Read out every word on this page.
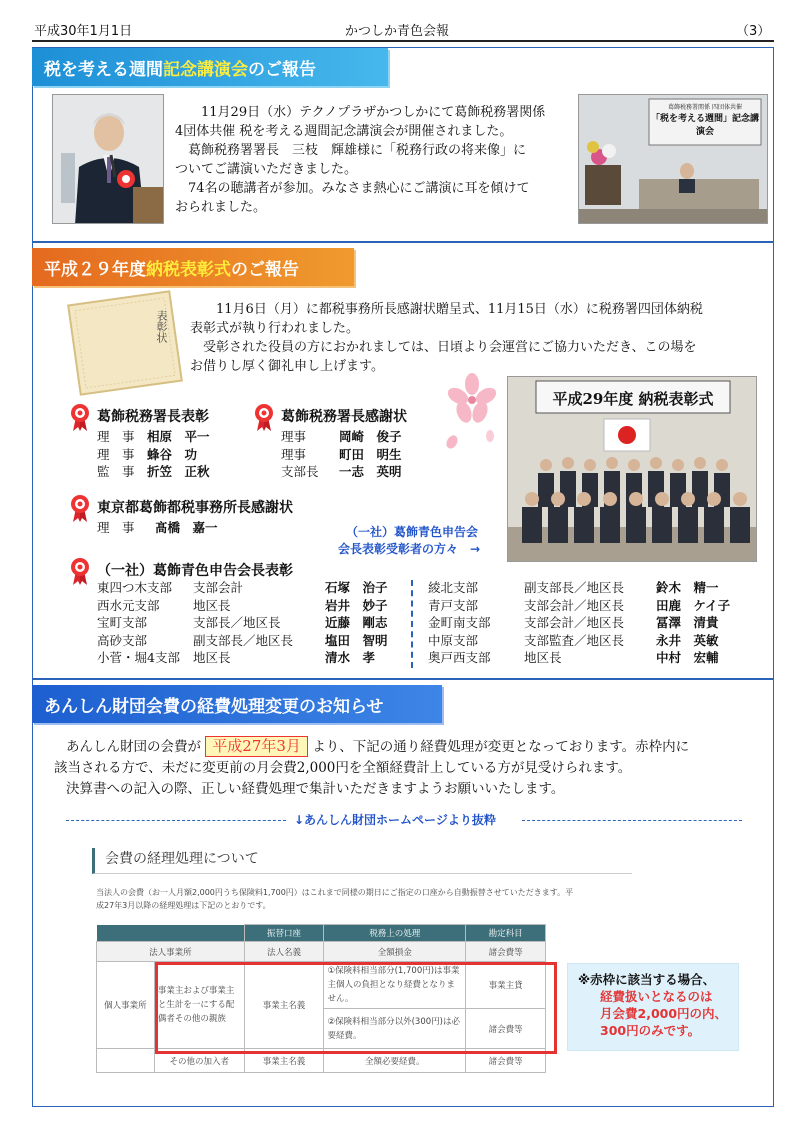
平成30年1月1日	かつしか青色会報	（3）
税を考える週間 記念講演会 のご報告
11月29日（水）テクノプラザかつしかにて葛飾税務署関係
4団体共催 税を考える週間記念講演会が開催されました。
葛飾税務署署長　三枝　輝雄様に「税務行政の将来像」に
ついてご講演いただきました。
74名の聴講者が参加。みなさま熱心にご講演に耳を傾けて
おられました。
葛飾税務署関係 四団体共催
「税を考える週間」記念講演会
平成２９年度 納税表彰式 のご報告
表彰状
11月6日（月）に都税事務所長感謝状贈呈式、11月15日（水）に税務署四団体納税
表彰式が執り行われました。
受彰された役員の方におかれましては、日頃より会運営にご協力いただき、この場を
お借りし厚く御礼申し上げます。
平成29年度 納税表彰式
葛飾税務署長表彰
理　事 相原　平一
理　事 蜂谷　功
監　事 折笠　正秋
葛飾税務署長感謝状
理事	岡崎　俊子
理事	町田　明生
支部長 一志　英明
東京都葛飾都税事務所長感謝状
理　事 髙橋　嘉一	（一社）葛飾青色申告会
会長表彰受彰者の方々　→
（一社）葛飾青色申告会長表彰
東四つ木支部 支部会計	石塚　治子
西水元支部	地区長	岩井　妙子
宝町支部	支部長／地区長	近藤　剛志
高砂支部	副支部長／地区長	塩田　智明
小菅・堀4支部 地区長	清水　孝
綾北支部	副支部長／地区長	鈴木　精一
青戸支部	支部会計／地区長	田鹿　ケイ子
金町南支部	支部会計／地区長	冨澤　清貴
中原支部	支部監査／地区長	永井　英敏
奥戸西支部	地区長	中村　宏輔
あんしん財団会費の経費処理変更のお知らせ
あんしん財団の会費が 平成27年3月 より、下記の通り経費処理が変更となっております。赤枠内に
該当される方で、未だに変更前の月会費2,000円を全額経費計上している方が見受けられます。
決算書への記入の際、正しい経費処理で集計いただきますようお願いいたします。
↓あんしん財団ホームページより抜粋
会費の経理処理について
当法人の会費（お一人月額2,000円うち保険料1,700円）はこれまで同様の期日にご指定の口座から自動振替させていただきます。平
成27年3月以降の経理処理は下記のとおりです。
		振替口座	税務上の処理	勘定科目
法人事業所		法人名義	全額損金	諸会費等
個人事業所	事業主および事業主と生計を一にする配偶者その他の親族	事業主名義	①保険料相当部分(1,700円)は事業主個人の負担となり経費となりません。	事業主貸
			②保険料相当部分以外(300円)は必要経費。	諸会費等
	その他の加入者	事業主名義	全額必要経費。	諸会費等
※赤枠に該当する場合、
経費扱いとなるのは
月会費2,000円の内、
300円のみです。
